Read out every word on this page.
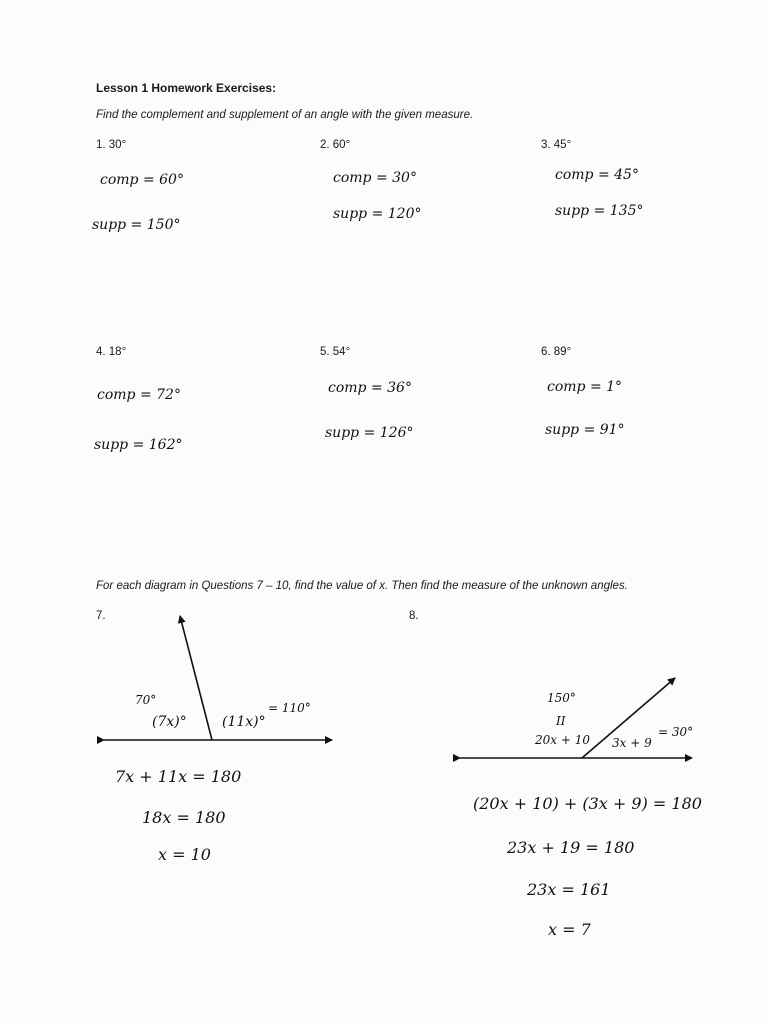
Lesson 1 Homework Exercises:
Find the complement and supplement of an angle with the given measure.
1. 30°
comp = 60°
supp = 150°
2. 60°
comp = 30°
supp = 120°
3. 45°
comp = 45°
supp = 135°
4. 18°
comp = 72°
supp = 162°
5. 54°
comp = 36°
supp = 126°
6. 89°
comp = 1°
supp = 91°
For each diagram in Questions 7 – 10, find the value of x. Then find the measure of the unknown angles.
7.
70°
(7x)°	(11x)°
= 110°
7x + 11x = 180
18x = 180
x = 10
8.
150°
II
20x + 10 3x + 9
= 30°
(20x + 10) + (3x + 9) = 180
23x + 19 = 180
23x = 161
x = 7
